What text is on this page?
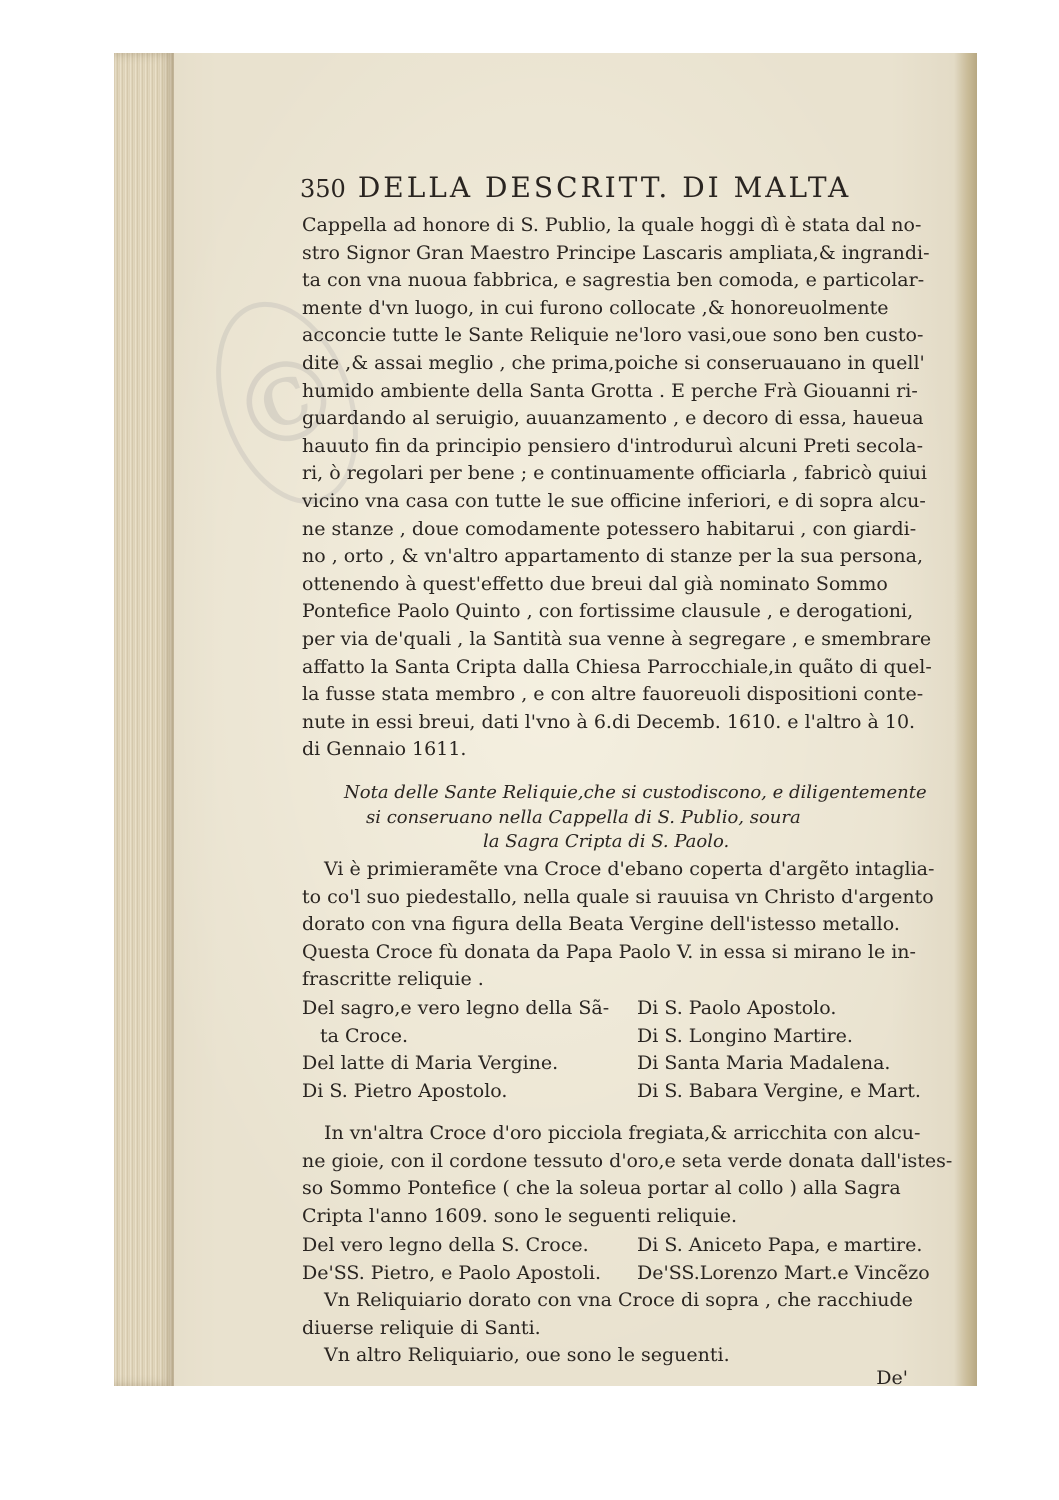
©
350 DELLA DESCRITT. DI MALTA
Cappella ad honore di S. Publio, la quale hoggi dì è stata dal no-
stro Signor Gran Maestro Principe Lascaris ampliata,& ingrandi-
ta con vna nuoua fabbrica, e sagrestia ben comoda, e particolar-
mente d'vn luogo, in cui furono collocate ,& honoreuolmente
acconcie tutte le Sante Reliquie ne'loro vasi,oue sono ben custo-
dite ,& assai meglio , che prima,poiche si conseruauano in quell'
humido ambiente della Santa Grotta . E perche Frà Giouanni ri-
guardando al seruigio, auuanzamento , e decoro di essa, haueua
hauuto fin da principio pensiero d'introduruì alcuni Preti secola-
ri, ò regolari per bene ; e continuamente officiarla , fabricò quiui
vicino vna casa con tutte le sue officine inferiori, e di sopra alcu-
ne stanze , doue comodamente potessero habitarui , con giardi-
no , orto , & vn'altro appartamento di stanze per la sua persona,
ottenendo à quest'effetto due breui dal già nominato Sommo
Pontefice Paolo Quinto , con fortissime clausule , e derogationi,
per via de'quali , la Santità sua venne à segregare , e smembrare
affatto la Santa Cripta dalla Chiesa Parrocchiale,in quãto di quel-
la fusse stata membro , e con altre fauoreuoli dispositioni conte-
nute in essi breui, dati l'vno à 6.di Decemb. 1610. e l'altro à 10.
di Gennaio 1611.
Nota delle Sante Reliquie,che si custodiscono, e diligentemente
si conseruano nella Cappella di S. Publio, soura
la Sagra Cripta di S. Paolo.
Vi è primieramẽte vna Croce d'ebano coperta d'argẽto intaglia-
to co'l suo piedestallo, nella quale si rauuisa vn Christo d'argento
dorato con vna figura della Beata Vergine dell'istesso metallo.
Questa Croce fù donata da Papa Paolo V. in essa si mirano le in-
frascritte reliquie .
Del sagro,e vero legno della Sã-	Di S. Paolo Apostolo.
ta Croce.	Di S. Longino Martire.
Del latte di Maria Vergine.	Di Santa Maria Madalena.
Di S. Pietro Apostolo.	Di S. Babara Vergine, e Mart.
In vn'altra Croce d'oro picciola fregiata,& arricchita con alcu-
ne gioie, con il cordone tessuto d'oro,e seta verde donata dall'istes-
so Sommo Pontefice ( che la soleua portar al collo ) alla Sagra
Cripta l'anno 1609. sono le seguenti reliquie.
Del vero legno della S. Croce.	Di S. Aniceto Papa, e martire.
De'SS. Pietro, e Paolo Apostoli.	De'SS.Lorenzo Mart.e Vincẽzo
Vn Reliquiario dorato con vna Croce di sopra , che racchiude
diuerse reliquie di Santi.
Vn altro Reliquiario, oue sono le seguenti.
De'
